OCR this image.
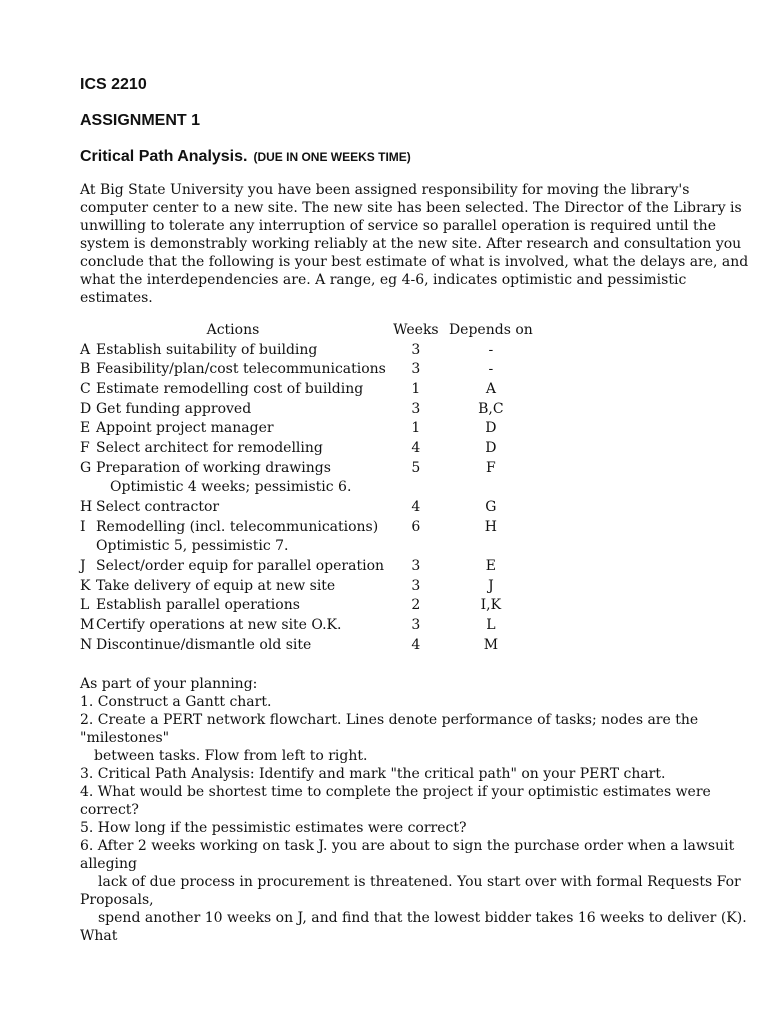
ICS 2210
ASSIGNMENT 1
Critical Path Analysis. (DUE IN ONE WEEKS TIME)
At Big State University you have been assigned responsibility for moving the library's
computer center to a new site. The new site has been selected. The Director of the Library is
unwilling to tolerate any interruption of service so parallel operation is required until the
system is demonstrably working reliably at the new site. After research and consultation you
conclude that the following is your best estimate of what is involved, what the delays are, and
what the interdependencies are. A range, eg 4-6, indicates optimistic and pessimistic
estimates.
Actions	Weeks	Depends on
A Establish suitability of building	3	-
B Feasibility/plan/cost telecommunications	3	-
C Estimate remodelling cost of building	1	A
D Get funding approved	3	B,C
E Appoint project manager	1	D
F Select architect for remodelling	4	D
G Preparation of working drawings	5	F
Optimistic 4 weeks; pessimistic 6.		
H Select contractor	4	G
I Remodelling (incl. telecommunications)	6	H
Optimistic 5, pessimistic 7.		
J Select/order equip for parallel operation	3	E
K Take delivery of equip at new site	3	J
L Establish parallel operations	2	I,K
M Certify operations at new site O.K.	3	L
N Discontinue/dismantle old site	4	M
As part of your planning:
1. Construct a Gantt chart.
2. Create a PERT network flowchart. Lines denote performance of tasks; nodes are the
"milestones"
between tasks. Flow from left to right.
3. Critical Path Analysis: Identify and mark "the critical path" on your PERT chart.
4. What would be shortest time to complete the project if your optimistic estimates were
correct?
5. How long if the pessimistic estimates were correct?
6. After 2 weeks working on task J. you are about to sign the purchase order when a lawsuit
alleging
lack of due process in procurement is threatened. You start over with formal Requests For
Proposals,
spend another 10 weeks on J, and find that the lowest bidder takes 16 weeks to deliver (K).
What
